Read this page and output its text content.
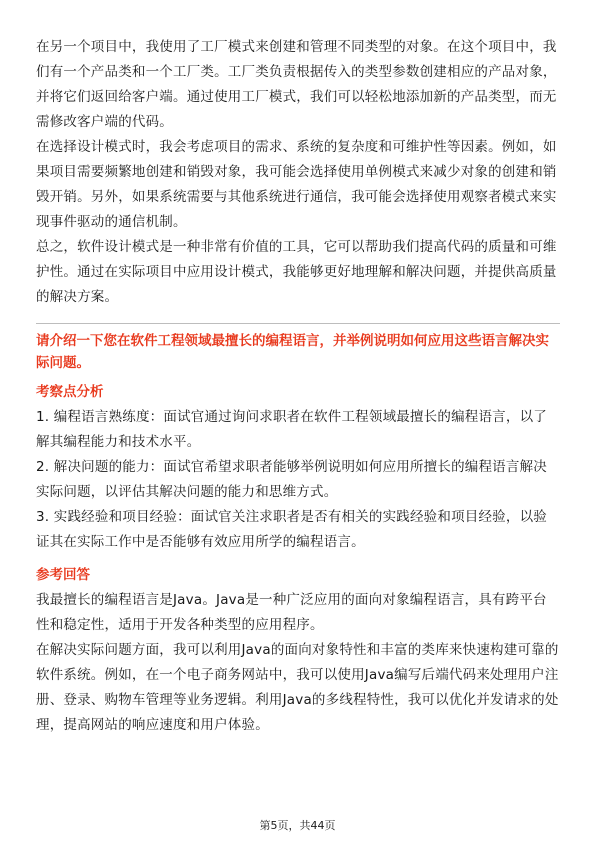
在另一个项目中，我使用了工厂模式来创建和管理不同类型的对象。在这个项目中，我们有一个产品类和一个工厂类。工厂类负责根据传入的类型参数创建相应的产品对象，并将它们返回给客户端。通过使用工厂模式，我们可以轻松地添加新的产品类型，而无需修改客户端的代码。

在选择设计模式时，我会考虑项目的需求、系统的复杂度和可维护性等因素。例如，如果项目需要频繁地创建和销毁对象，我可能会选择使用单例模式来减少对象的创建和销毁开销。另外，如果系统需要与其他系统进行通信，我可能会选择使用观察者模式来实现事件驱动的通信机制。

总之，软件设计模式是一种非常有价值的工具，它可以帮助我们提高代码的质量和可维护性。通过在实际项目中应用设计模式，我能够更好地理解和解决问题，并提供高质量的解决方案。

请介绍一下您在软件工程领域最擅长的编程语言，并举例说明如何应用这些语言解决实际问题。

考察点分析

1. 编程语言熟练度：面试官通过询问求职者在软件工程领域最擅长的编程语言，以了解其编程能力和技术水平。

2. 解决问题的能力：面试官希望求职者能够举例说明如何应用所擅长的编程语言解决实际问题，以评估其解决问题的能力和思维方式。

3. 实践经验和项目经验：面试官关注求职者是否有相关的实践经验和项目经验，以验证其在实际工作中是否能够有效应用所学的编程语言。

参考回答

我最擅长的编程语言是Java。Java是一种广泛应用的面向对象编程语言，具有跨平台性和稳定性，适用于开发各种类型的应用程序。

在解决实际问题方面，我可以利用Java的面向对象特性和丰富的类库来快速构建可靠的软件系统。例如，在一个电子商务网站中，我可以使用Java编写后端代码来处理用户注册、登录、购物车管理等业务逻辑。利用Java的多线程特性，我可以优化并发请求的处理，提高网站的响应速度和用户体验。

第5页，共44页
